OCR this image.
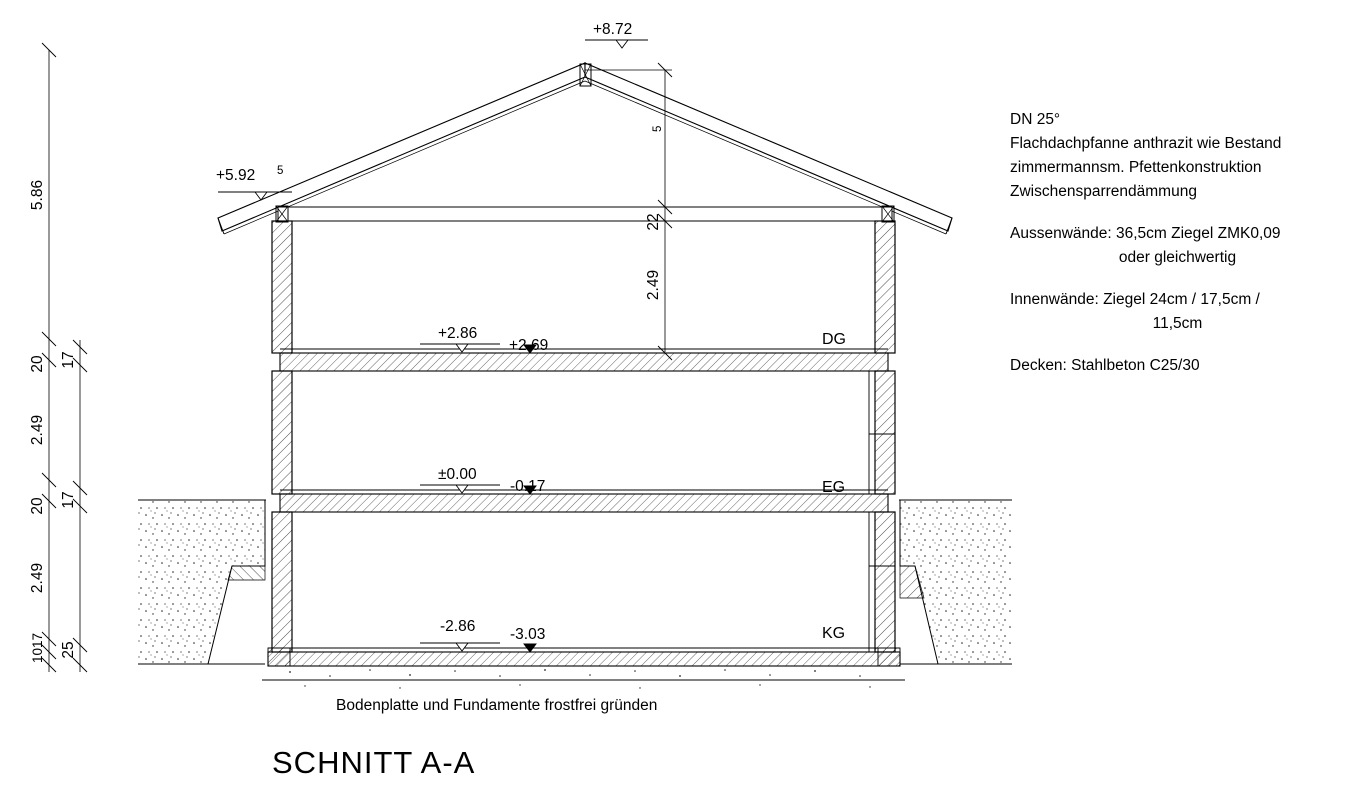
+8.72
+5.92 5
+2.86
+2.69
±0.00
-0.17
-2.86 -3.03
5
22
2.49
5.86
20
2.49
20
2.49
1017
17
17
25
DG
EG
KG
Bodenplatte und Fundamente frostfrei gründen

DN 25°
Flachdachpfanne anthrazit wie Bestand
zimmermannsm. Pfettenkonstruktion
Zwischensparrendämmung

Aussenwände: 36,5cm Ziegel ZMK0,09

oder gleichwertig

Innenwände: Ziegel 24cm / 17,5cm /

11,5cm

Decken: Stahlbeton C25/30

SCHNITT A-A
